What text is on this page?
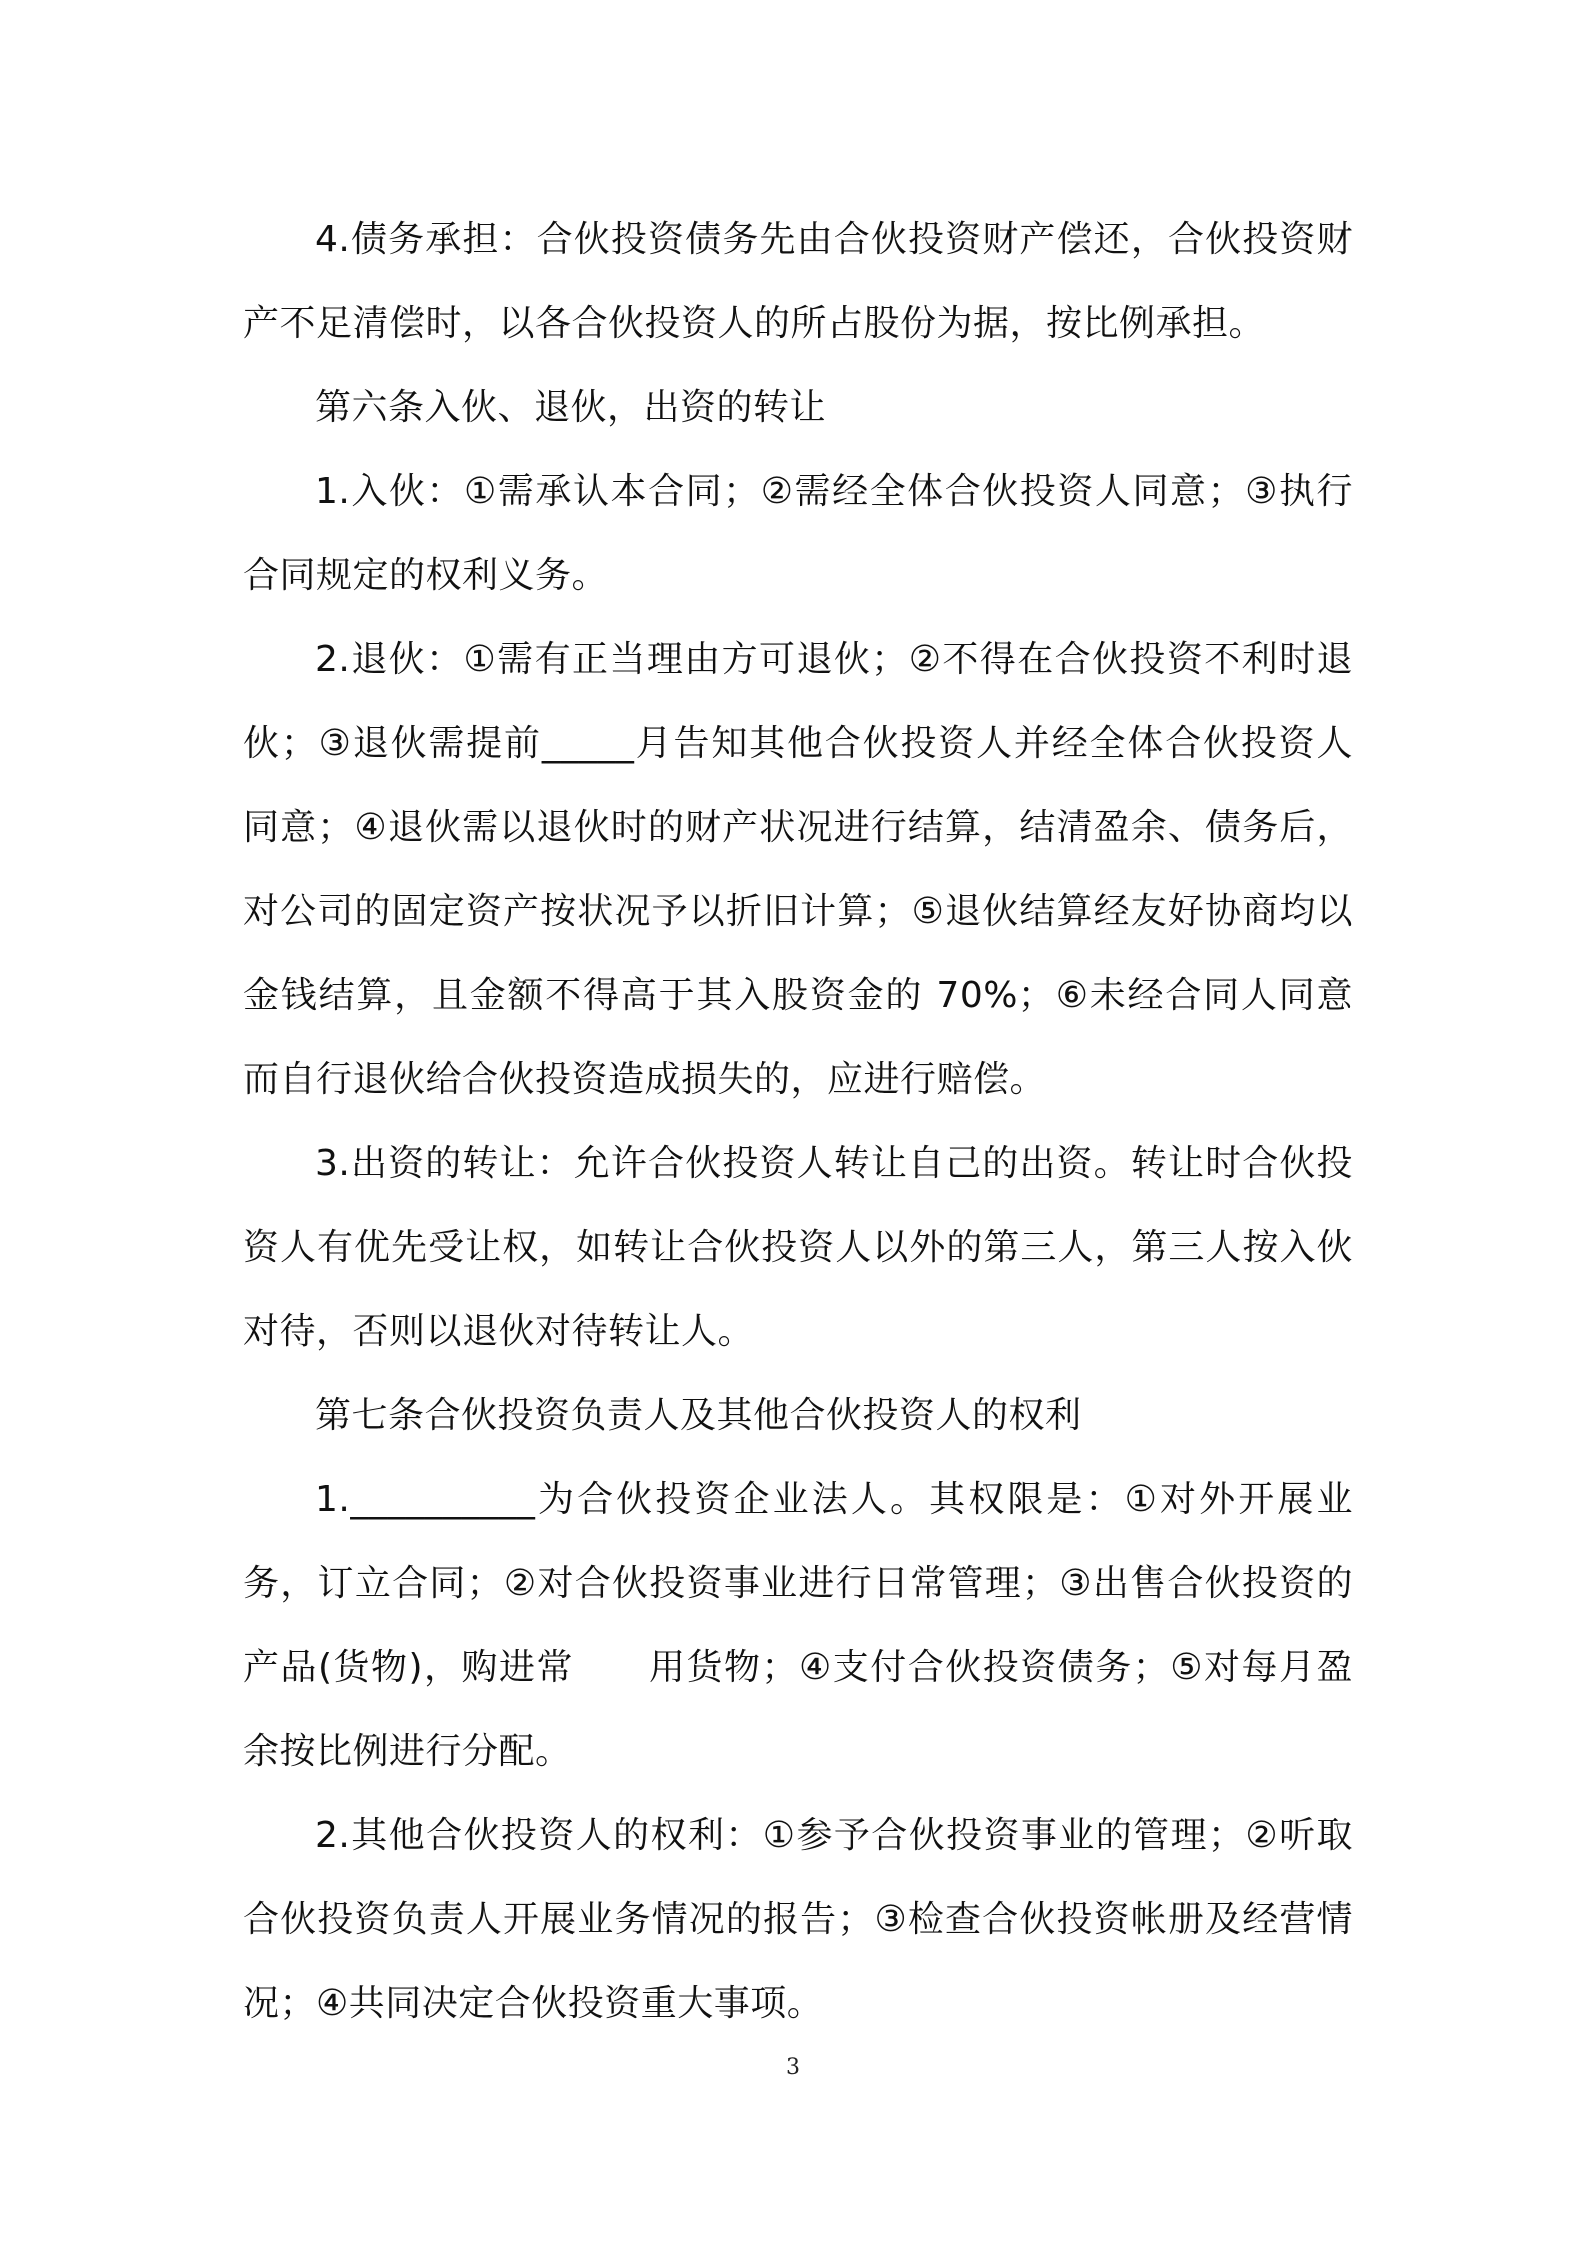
4.债务承担：合伙投资债务先由合伙投资财产偿还，合伙投资财产不足清偿时，以各合伙投资人的所占股份为据，按比例承担。

第六条入伙、退伙，出资的转让

1.入伙：①需承认本合同；②需经全体合伙投资人同意；③执行合同规定的权利义务。

2.退伙：①需有正当理由方可退伙；②不得在合伙投资不利时退伙；③退伙需提前_____月告知其他合伙投资人并经全体合伙投资人同意；④退伙需以退伙时的财产状况进行结算，结清盈余、债务后，对公司的固定资产按状况予以折旧计算；⑤退伙结算经友好协商均以金钱结算，且金额不得高于其入股资金的 70%；⑥未经合同人同意而自行退伙给合伙投资造成损失的，应进行赔偿。

3.出资的转让：允许合伙投资人转让自己的出资。转让时合伙投资人有优先受让权，如转让合伙投资人以外的第三人，第三人按入伙对待，否则以退伙对待转让人。

第七条合伙投资负责人及其他合伙投资人的权利

1.__________为合伙投资企业法人。其权限是：①对外开展业务，订立合同；②对合伙投资事业进行日常管理；③出售合伙投资的产品(货物)，购进常　　用货物；④支付合伙投资债务；⑤对每月盈余按比例进行分配。

2.其他合伙投资人的权利：①参予合伙投资事业的管理；②听取合伙投资负责人开展业务情况的报告；③检查合伙投资帐册及经营情况；④共同决定合伙投资重大事项。

3
